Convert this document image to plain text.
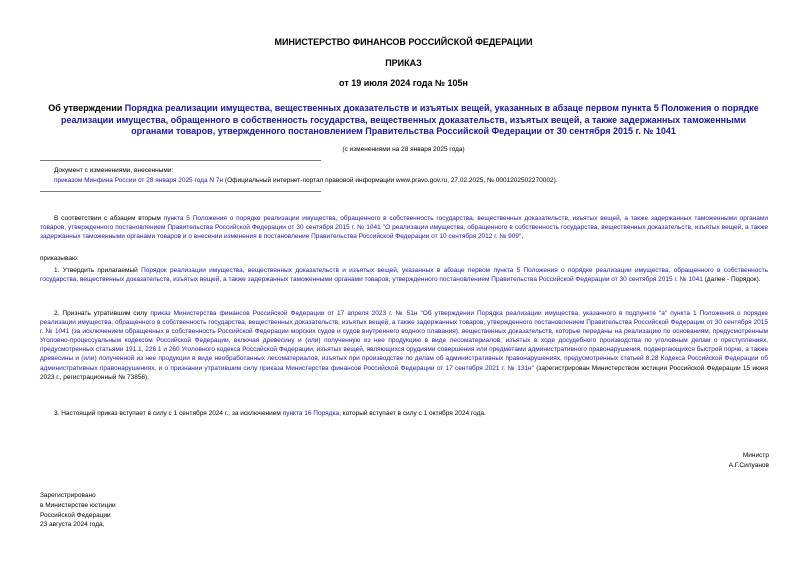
МИНИСТЕРСТВО ФИНАНСОВ РОССИЙСКОЙ ФЕДЕРАЦИИ
ПРИКАЗ
от 19 июля 2024 года № 105н
Об утверждении Порядка реализации имущества, вещественных доказательств и изъятых вещей, указанных в абзаце первом пункта 5 Положения о порядке реализации имущества, обращенного в собственность государства, вещественных доказательств, изъятых вещей, а также задержанных таможенными органами товаров, утвержденного постановлением Правительства Российской Федерации от 30 сентября 2015 г. № 1041
(с изменениями на 28 января 2025 года)
Документ с изменениями, внесенными:
приказом Минфина России от 28 января 2025 года N 7н (Официальный интернет-портал правовой информации www.pravo.gov.ru, 27.02.2025, № 0001202502270002).
В соответствии с абзацем вторым пункта 5 Положения о порядке реализации имущества, обращенного в собственность государства, вещественных доказательств, изъятых вещей, а также задержанных таможенными органами товаров, утвержденного постановлением Правительства Российской Федерации от 30 сентября 2015 г. № 1041 "О реализации имущества, обращенного в собственность государства, вещественных доказательств, изъятых вещей, а также задержанных таможенными органами товаров и о внесении изменения в постановление Правительства Российской Федерации от 10 сентября 2012 г. № 909",
приказываю:
1. Утвердить прилагаемый Порядок реализации имущества, вещественных доказательств и изъятых вещей, указанных в абзаце первом пункта 5 Положения о порядке реализации имущества, обращенного в собственность государства, вещественных доказательств, изъятых вещей, а также задержанных таможенными органами товаров, утвержденного постановлением Правительства Российской Федерации от 30 сентября 2015 г. № 1041 (далее - Порядок).
2. Признать утратившим силу приказ Министерства финансов Российской Федерации от 17 апреля 2023 г. № 51н "Об утверждении Порядка реализации имущества, указанного в подпункте "а" пункта 1 Положения о порядке реализации имущества, обращенного в собственность государства, вещественных доказательств, изъятых вещей, а также задержанных товаров, утвержденного постановлением Правительства Российской Федерации от 30 сентября 2015 г. № 1041 (за исключением обращенных в собственность Российской Федерации морских судов и судов внутреннего водного плавания), вещественных доказательств, которые переданы на реализацию по основаниям, предусмотренным Уголовно-процессуальным кодексом Российской Федерации, включая древесину и (или) полученную из нее продукцию в виде лесоматериалов, изъятых в ходе досудебного производства по уголовным делам о преступлениях, предусмотренных статьями 191.1, 226.1 и 260 Уголовного кодекса Российской Федерации, изъятых вещей, являющихся орудиями совершения или предметами административного правонарушения, подвергающихся быстрой порче, а также древесины и (или) полученной из нее продукции в виде необработанных лесоматериалов, изъятых при производстве по делам об административных правонарушениях, предусмотренных статьей 8.28 Кодекса Российской Федерации об административных правонарушениях, и о признании утратившим силу приказа Министерства финансов Российской Федерации от 17 сентября 2021 г. № 131н" (зарегистрирован Министерством юстиции Российской Федерации 15 июня 2023 г., регистрационный № 73856).
3. Настоящий приказ вступает в силу с 1 сентября 2024 г., за исключением пункта 16 Порядка, который вступает в силу с 1 октября 2024 года.
Министр
А.Г.Силуанов
Зарегистрировано
в Министерстве юстиции
Российской Федерации
23 августа 2024 года,
